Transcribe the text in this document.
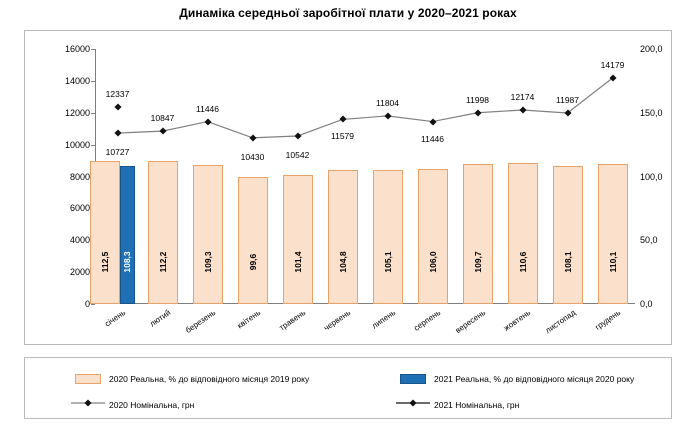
Динаміка середньої заробітної плати у 2020–2021 роках
0
2000
4000
6000
8000
10000
12000
14000
16000
0,0
50,0
100,0
150,0
200,0
112,5 108,3	112,2	109,3	99,6	101,4	104,8	105,1	106,0	109,7	110,6	108,1	110,1
січень	лютий	березень	квітень	травень	червень	липень	серпень	вересень	жовтень	листопад	грудень
10727
10847
11446
10430	10542
11579
11804
11446
11998	12174	11987
14179
12337
2020 Реальна, % до відповідного місяця 2019 року	2021 Реальна, % до відповідного місяця 2020 року
2020 Номінальна, грн	2021 Номінальна, грн
